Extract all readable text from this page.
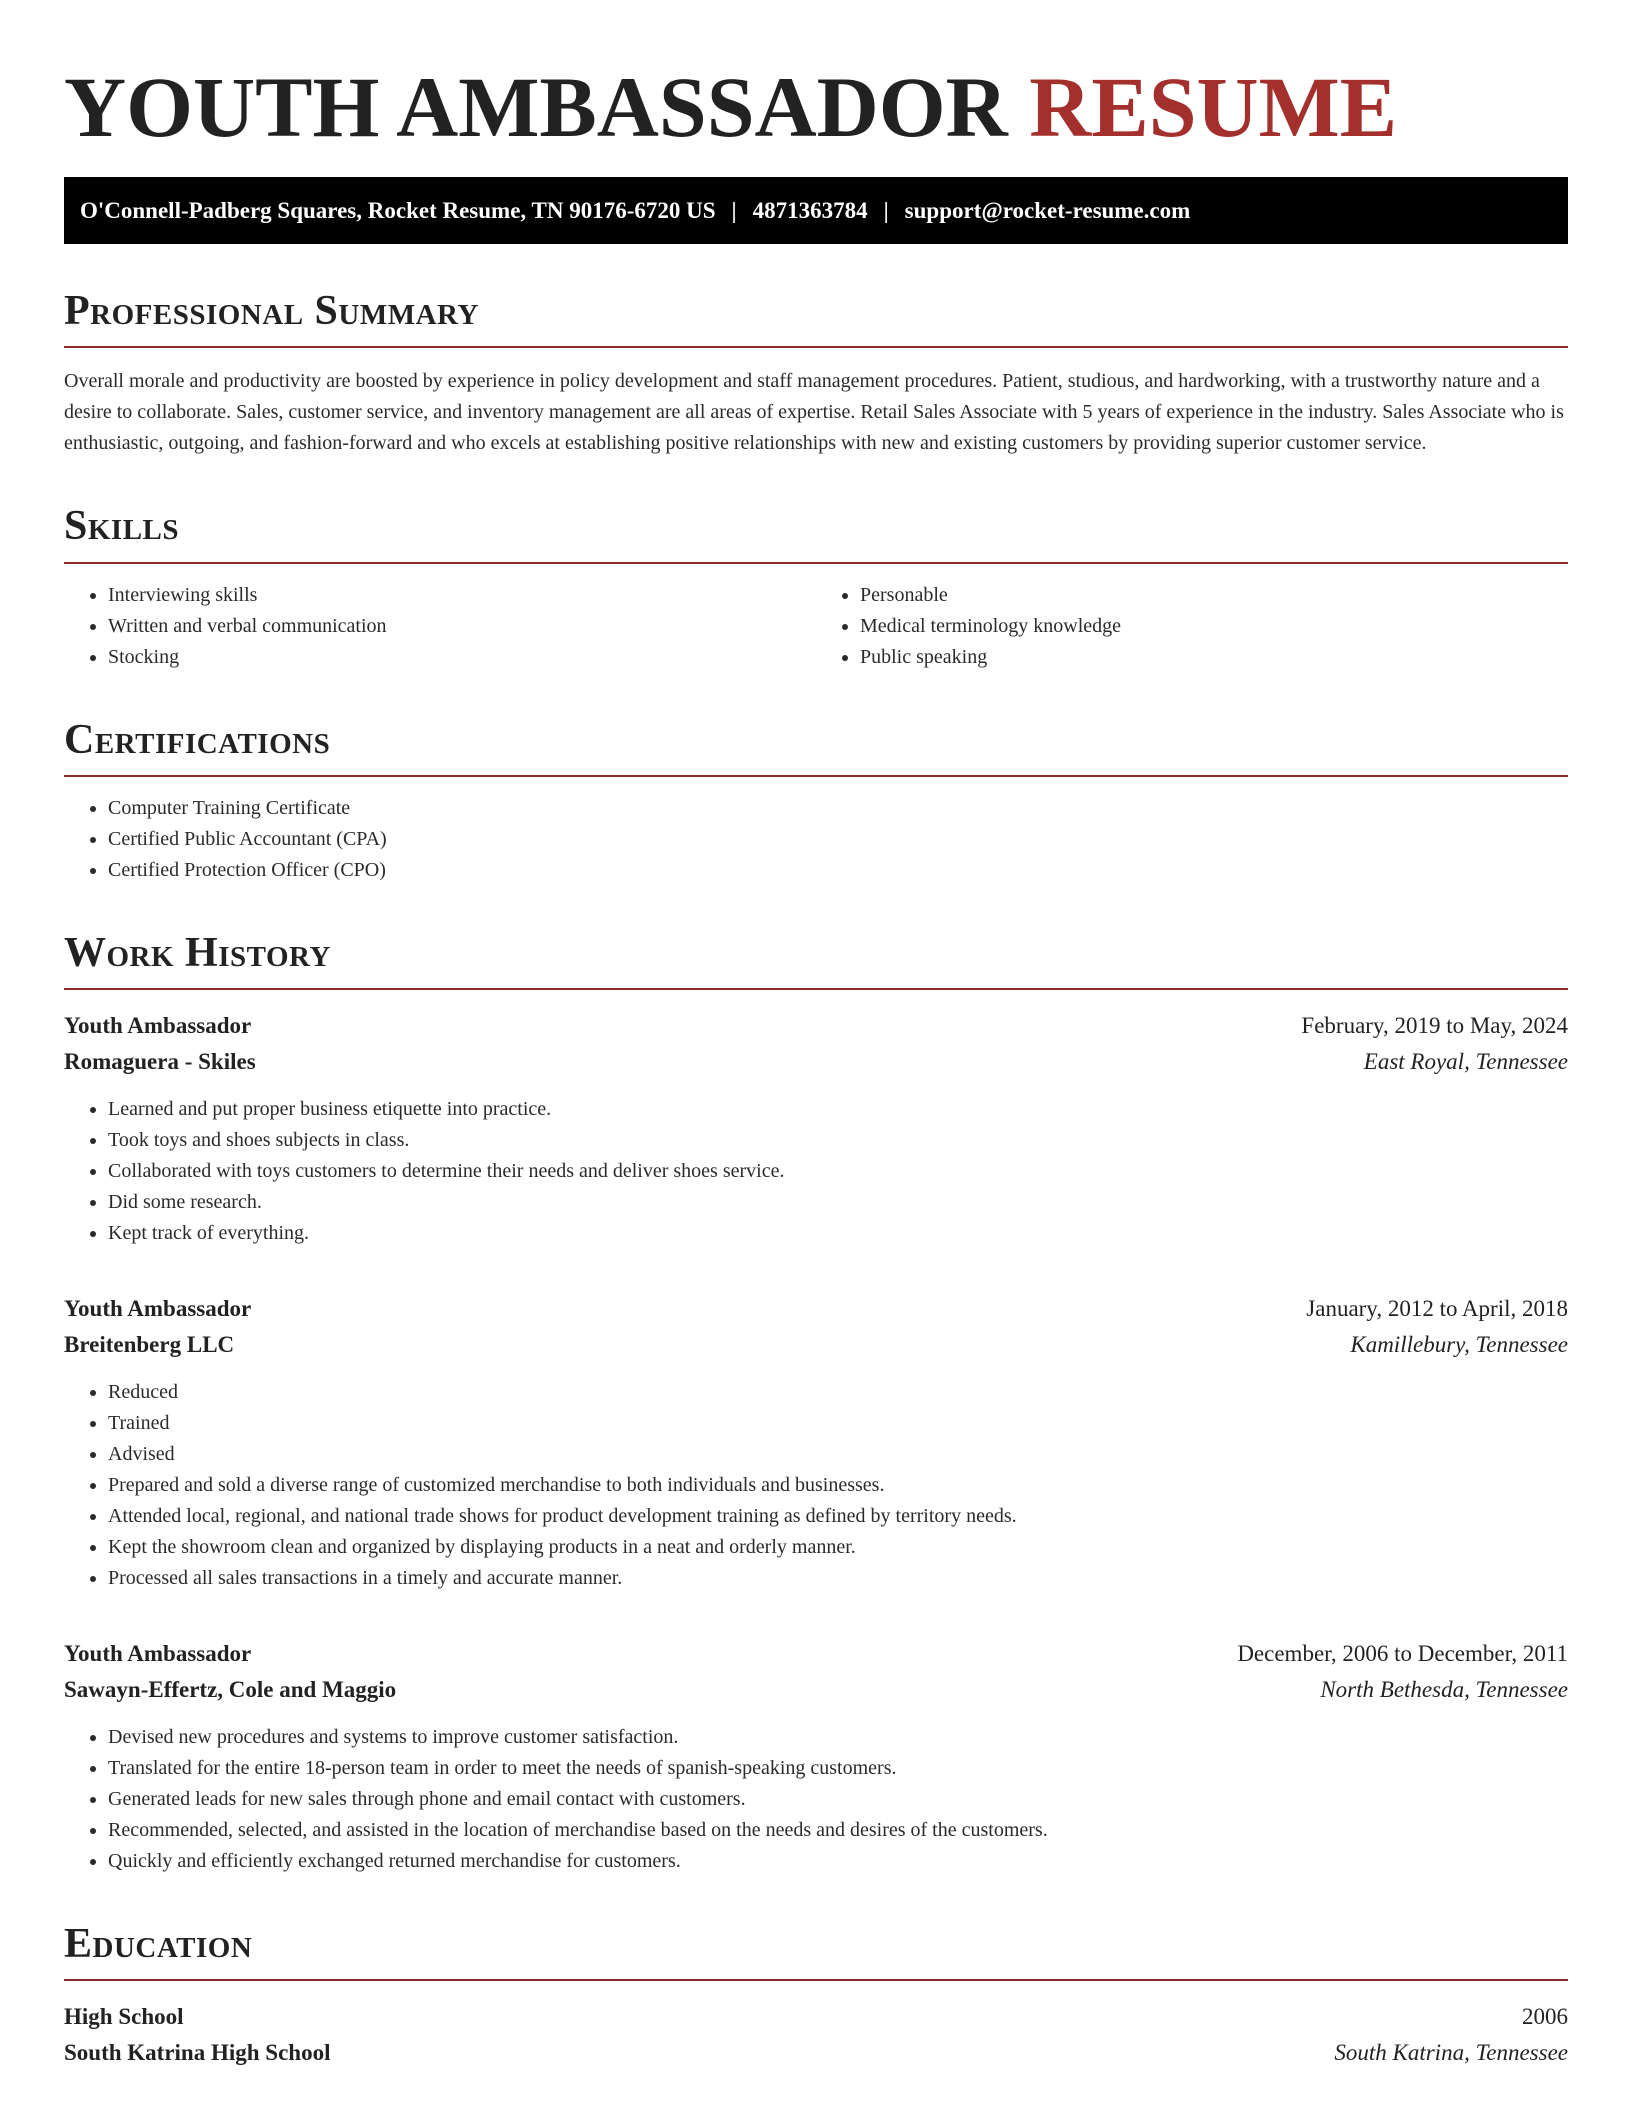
YOUTH AMBASSADOR RESUME
O'Connell-Padberg Squares, Rocket Resume, TN 90176-6720 US | 4871363784 | support@rocket-resume.com
Professional Summary

Overall morale and productivity are boosted by experience in policy development and staff management procedures. Patient, studious, and hardworking, with a trustworthy nature and a desire to collaborate. Sales, customer service, and inventory management are all areas of expertise. Retail Sales Associate with 5 years of experience in the industry. Sales Associate who is enthusiastic, outgoing, and fashion-forward and who excels at establishing positive relationships with new and existing customers by providing superior customer service.

Skills
• Interviewing skills
• Written and verbal communication
• Stocking
• Personable
• Medical terminology knowledge
• Public speaking
Certifications
• Computer Training Certificate
• Certified Public Accountant (CPA)
• Certified Protection Officer (CPO)
Work History
Youth Ambassador	February, 2019 to May, 2024
Romaguera - Skiles	East Royal, Tennessee
• Learned and put proper business etiquette into practice.
• Took toys and shoes subjects in class.
• Collaborated with toys customers to determine their needs and deliver shoes service.
• Did some research.
• Kept track of everything.
Youth Ambassador	January, 2012 to April, 2018
Breitenberg LLC	Kamillebury, Tennessee
• Reduced
• Trained
• Advised
• Prepared and sold a diverse range of customized merchandise to both individuals and businesses.
• Attended local, regional, and national trade shows for product development training as defined by territory needs.
• Kept the showroom clean and organized by displaying products in a neat and orderly manner.
• Processed all sales transactions in a timely and accurate manner.
Youth Ambassador	December, 2006 to December, 2011
Sawayn-Effertz, Cole and Maggio	North Bethesda, Tennessee
• Devised new procedures and systems to improve customer satisfaction.
• Translated for the entire 18-person team in order to meet the needs of spanish-speaking customers.
• Generated leads for new sales through phone and email contact with customers.
• Recommended, selected, and assisted in the location of merchandise based on the needs and desires of the customers.
• Quickly and efficiently exchanged returned merchandise for customers.
Education
High School	2006
South Katrina High School	South Katrina, Tennessee
